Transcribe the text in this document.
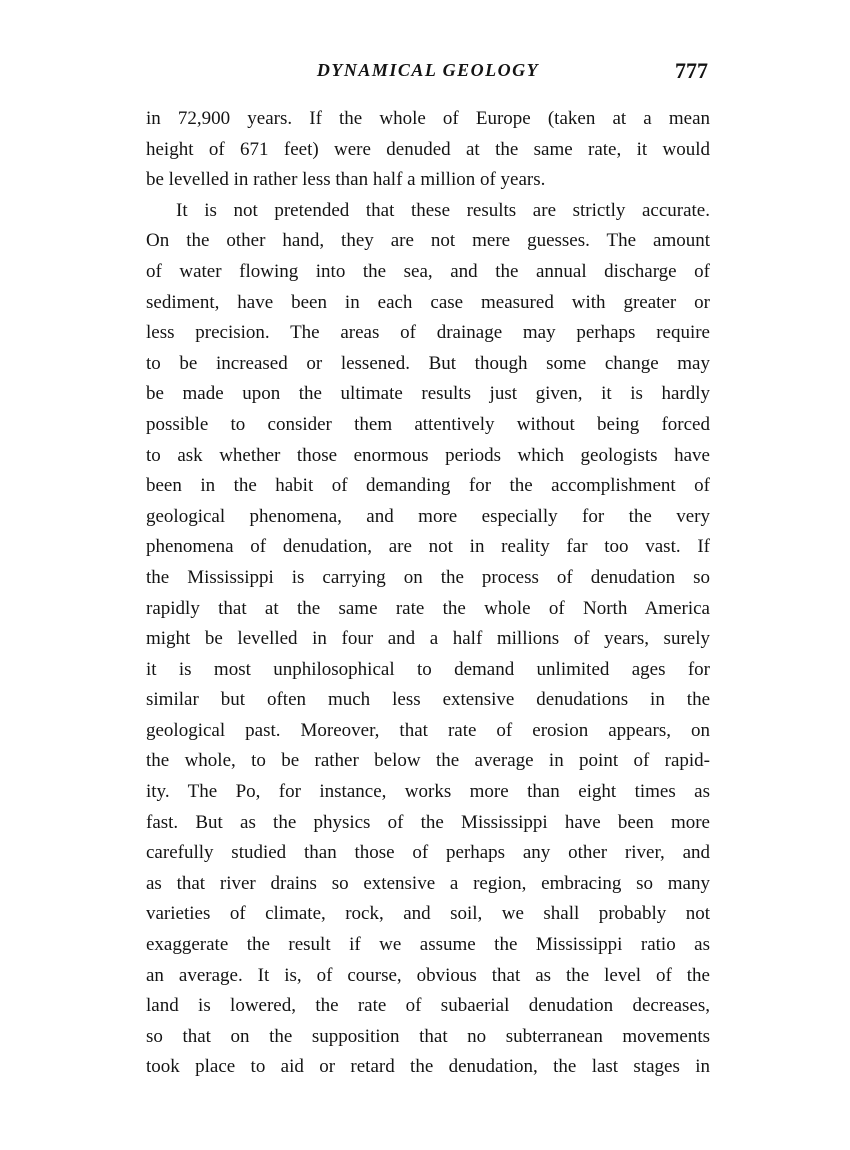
DYNAMICAL GEOLOGY	777
in 72,900 years. If the whole of Europe (taken at a mean
height of 671 feet) were denuded at the same rate, it would
be levelled in rather less than half a million of years.
It is not pretended that these results are strictly accurate.
On the other hand, they are not mere guesses. The amount
of water flowing into the sea, and the annual discharge of
sediment, have been in each case measured with greater or
less precision. The areas of drainage may perhaps require
to be increased or lessened. But though some change may
be made upon the ultimate results just given, it is hardly
possible to consider them attentively without being forced
to ask whether those enormous periods which geologists have
been in the habit of demanding for the accomplishment of
geological phenomena, and more especially for the very
phenomena of denudation, are not in reality far too vast. If
the Mississippi is carrying on the process of denudation so
rapidly that at the same rate the whole of North America
might be levelled in four and a half millions of years, surely
it is most unphilosophical to demand unlimited ages for
similar but often much less extensive denudations in the
geological past. Moreover, that rate of erosion appears, on
the whole, to be rather below the average in point of rapid-
ity. The Po, for instance, works more than eight times as
fast. But as the physics of the Mississippi have been more
carefully studied than those of perhaps any other river, and
as that river drains so extensive a region, embracing so many
varieties of climate, rock, and soil, we shall probably not
exaggerate the result if we assume the Mississippi ratio as
an average. It is, of course, obvious that as the level of the
land is lowered, the rate of subaerial denudation decreases,
so that on the supposition that no subterranean movements
took place to aid or retard the denudation, the last stages in
